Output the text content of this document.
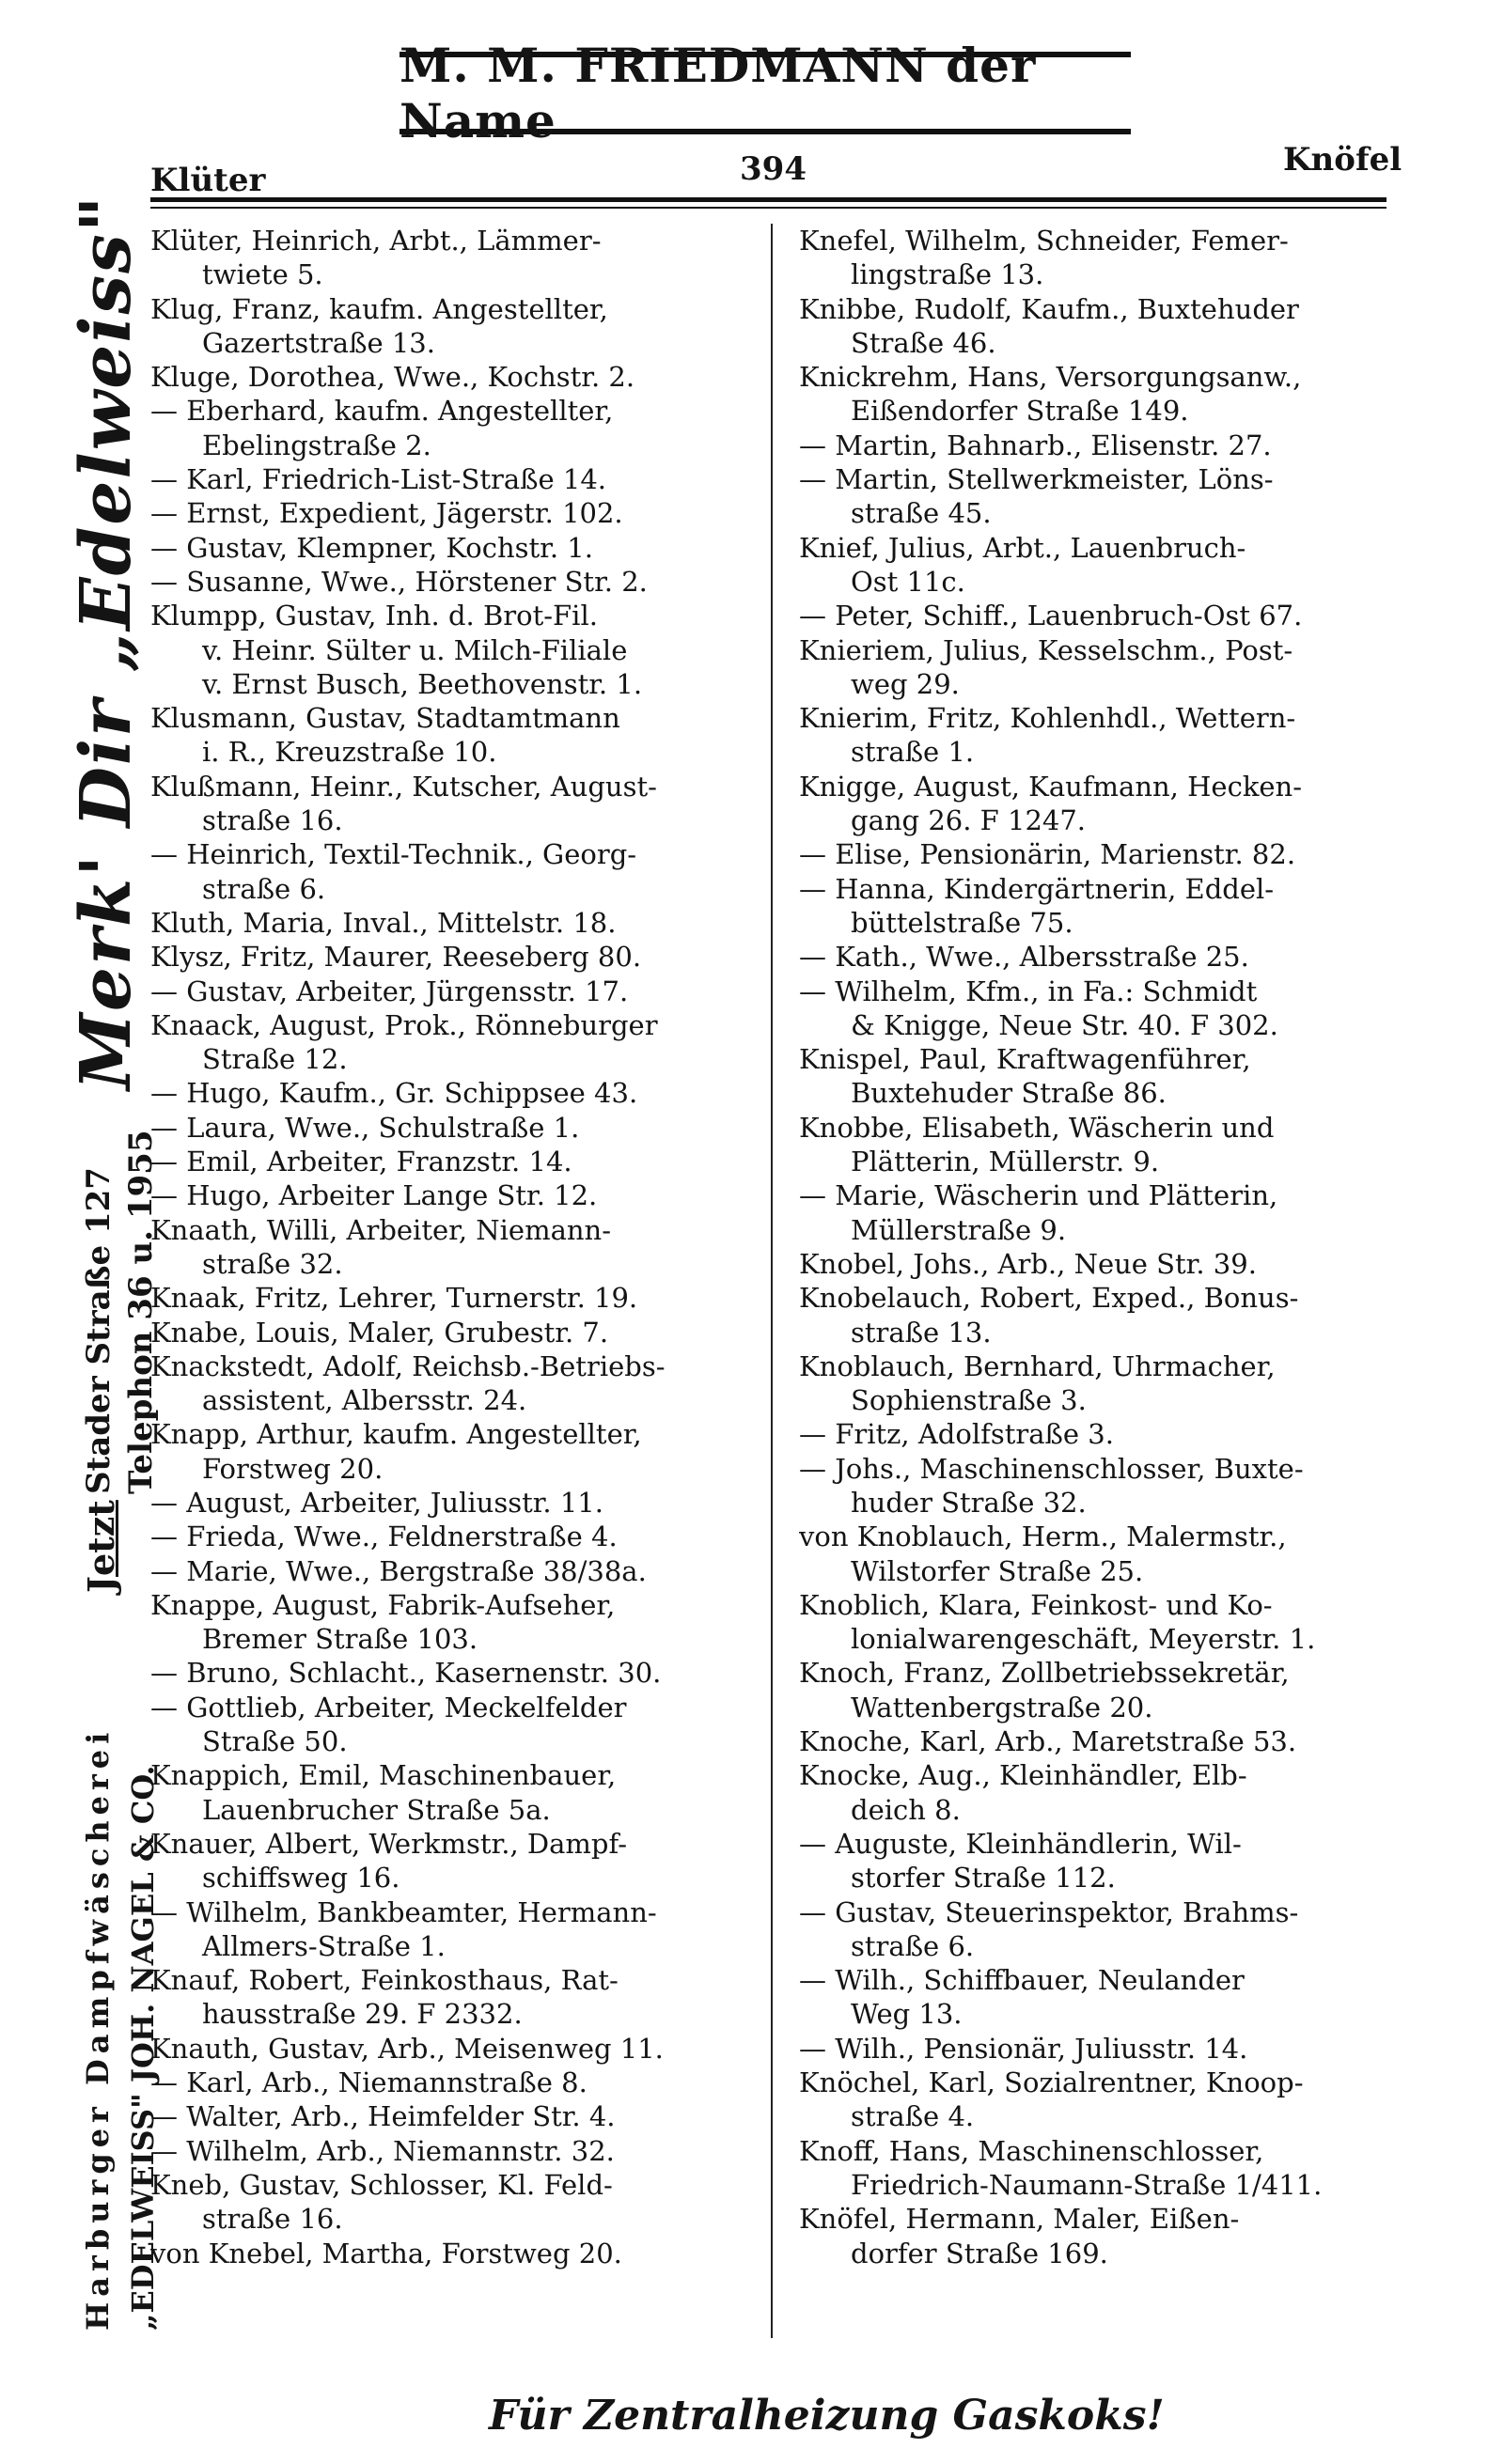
M. M. FRIEDMANN der Name
Klüter	394	Knöfel
Merk' Dir „Edelweiss"
Jetzt
Stader Straße 127 Telephon 36 u. 1955
Harburger Dampfwäscherei „EDELWEISS" JOH. NAGEL & CO.
Klüter, Heinrich, Arbt., Lämmer-
twiete 5.
Klug, Franz, kaufm. Angestellter,
Gazertstraße 13.
Kluge, Dorothea, Wwe., Kochstr. 2.
— Eberhard, kaufm. Angestellter,
Ebelingstraße 2.
— Karl, Friedrich-List-Straße 14.
— Ernst, Expedient, Jägerstr. 102.
— Gustav, Klempner, Kochstr. 1.
— Susanne, Wwe., Hörstener Str. 2.
Klumpp, Gustav, Inh. d. Brot-Fil.
v. Heinr. Sülter u. Milch-Filiale
v. Ernst Busch, Beethovenstr. 1.
Klusmann, Gustav, Stadtamtmann
i. R., Kreuzstraße 10.
Klußmann, Heinr., Kutscher, August-
straße 16.
— Heinrich, Textil-Technik., Georg-
straße 6.
Kluth, Maria, Inval., Mittelstr. 18.
Klysz, Fritz, Maurer, Reeseberg 80.
— Gustav, Arbeiter, Jürgensstr. 17.
Knaack, August, Prok., Rönneburger
Straße 12.
— Hugo, Kaufm., Gr. Schippsee 43.
— Laura, Wwe., Schulstraße 1.
— Emil, Arbeiter, Franzstr. 14.
— Hugo, Arbeiter Lange Str. 12.
Knaath, Willi, Arbeiter, Niemann-
straße 32.
Knaak, Fritz, Lehrer, Turnerstr. 19.
Knabe, Louis, Maler, Grubestr. 7.
Knackstedt, Adolf, Reichsb.-Betriebs-
assistent, Albersstr. 24.
Knapp, Arthur, kaufm. Angestellter,
Forstweg 20.
— August, Arbeiter, Juliusstr. 11.
— Frieda, Wwe., Feldnerstraße 4.
— Marie, Wwe., Bergstraße 38/38a.
Knappe, August, Fabrik-Aufseher,
Bremer Straße 103.
— Bruno, Schlacht., Kasernenstr. 30.
— Gottlieb, Arbeiter, Meckelfelder
Straße 50.
Knappich, Emil, Maschinenbauer,
Lauenbrucher Straße 5a.
Knauer, Albert, Werkmstr., Dampf-
schiffsweg 16.
— Wilhelm, Bankbeamter, Hermann-
Allmers-Straße 1.
Knauf, Robert, Feinkosthaus, Rat-
hausstraße 29. F 2332.
Knauth, Gustav, Arb., Meisenweg 11.
— Karl, Arb., Niemannstraße 8.
— Walter, Arb., Heimfelder Str. 4.
— Wilhelm, Arb., Niemannstr. 32.
Kneb, Gustav, Schlosser, Kl. Feld-
straße 16.
von Knebel, Martha, Forstweg 20.
Knefel, Wilhelm, Schneider, Femer-
lingstraße 13.
Knibbe, Rudolf, Kaufm., Buxtehuder
Straße 46.
Knickrehm, Hans, Versorgungsanw.,
Eißendorfer Straße 149.
— Martin, Bahnarb., Elisenstr. 27.
— Martin, Stellwerkmeister, Löns-
straße 45.
Knief, Julius, Arbt., Lauenbruch-
Ost 11c.
— Peter, Schiff., Lauenbruch-Ost 67.
Knieriem, Julius, Kesselschm., Post-
weg 29.
Knierim, Fritz, Kohlenhdl., Wettern-
straße 1.
Knigge, August, Kaufmann, Hecken-
gang 26. F 1247.
— Elise, Pensionärin, Marienstr. 82.
— Hanna, Kindergärtnerin, Eddel-
büttelstraße 75.
— Kath., Wwe., Albersstraße 25.
— Wilhelm, Kfm., in Fa.: Schmidt
& Knigge, Neue Str. 40. F 302.
Knispel, Paul, Kraftwagenführer,
Buxtehuder Straße 86.
Knobbe, Elisabeth, Wäscherin und
Plätterin, Müllerstr. 9.
— Marie, Wäscherin und Plätterin,
Müllerstraße 9.
Knobel, Johs., Arb., Neue Str. 39.
Knobelauch, Robert, Exped., Bonus-
straße 13.
Knoblauch, Bernhard, Uhrmacher,
Sophienstraße 3.
— Fritz, Adolfstraße 3.
— Johs., Maschinenschlosser, Buxte-
huder Straße 32.
von Knoblauch, Herm., Malermstr.,
Wilstorfer Straße 25.
Knoblich, Klara, Feinkost- und Ko-
lonialwarengeschäft, Meyerstr. 1.
Knoch, Franz, Zollbetriebssekretär,
Wattenbergstraße 20.
Knoche, Karl, Arb., Maretstraße 53.
Knocke, Aug., Kleinhändler, Elb-
deich 8.
— Auguste, Kleinhändlerin, Wil-
storfer Straße 112.
— Gustav, Steuerinspektor, Brahms-
straße 6.
— Wilh., Schiffbauer, Neulander
Weg 13.
— Wilh., Pensionär, Juliusstr. 14.
Knöchel, Karl, Sozialrentner, Knoop-
straße 4.
Knoff, Hans, Maschinenschlosser,
Friedrich-Naumann-Straße 1/411.
Knöfel, Hermann, Maler, Eißen-
dorfer Straße 169.
Für Zentralheizung Gaskoks!
